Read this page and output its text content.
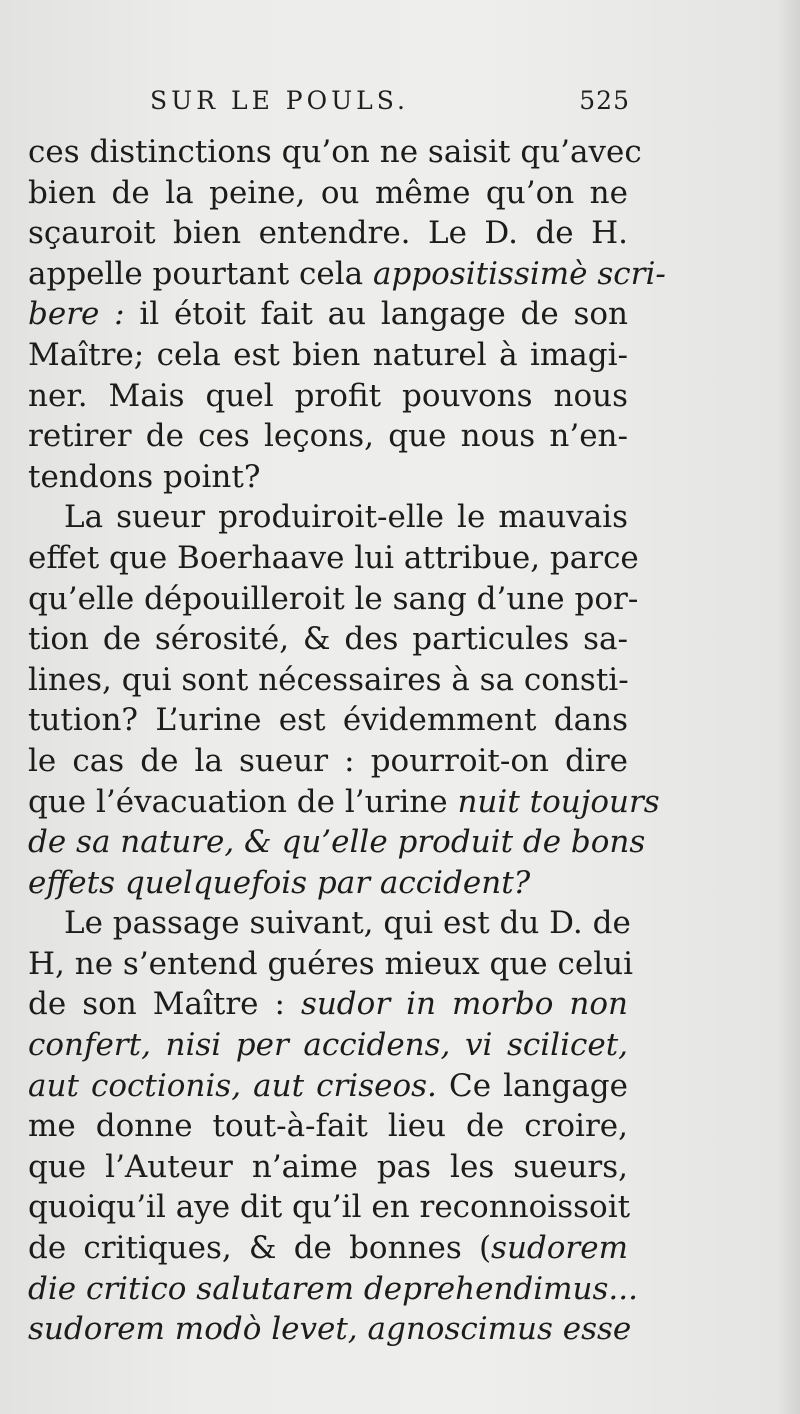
SUR LE POULS.	525
ces distinctions qu’on ne saisit qu’avec
bien de la peine, ou même qu’on ne
sçauroit bien entendre. Le D. de H.
appelle pourtant cela appositissimè scri-
bere : il étoit fait au langage de son
Maître; cela est bien naturel à imagi-
ner. Mais quel profit pouvons nous
retirer de ces leçons, que nous n’en-
tendons point?
La sueur produiroit-elle le mauvais
effet que Boerhaave lui attribue, parce
qu’elle dépouilleroit le sang d’une por-
tion de sérosité, & des particules sa-
lines, qui sont nécessaires à sa consti-
tution? L’urine est évidemment dans
le cas de la sueur : pourroit-on dire
que l’évacuation de l’urine nuit toujours
de sa nature, & qu’elle produit de bons
effets quelquefois par accident?
Le passage suivant, qui est du D. de
H, ne s’entend guéres mieux que celui
de son Maître : sudor in morbo non
confert, nisi per accidens, vi scilicet,
aut coctionis, aut criseos. Ce langage
me donne tout-à-fait lieu de croire,
que l’Auteur n’aime pas les sueurs,
quoiqu’il aye dit qu’il en reconnoissoit
de critiques, & de bonnes (sudorem
die critico salutarem deprehendimus...
sudorem modò levet, agnoscimus esse
